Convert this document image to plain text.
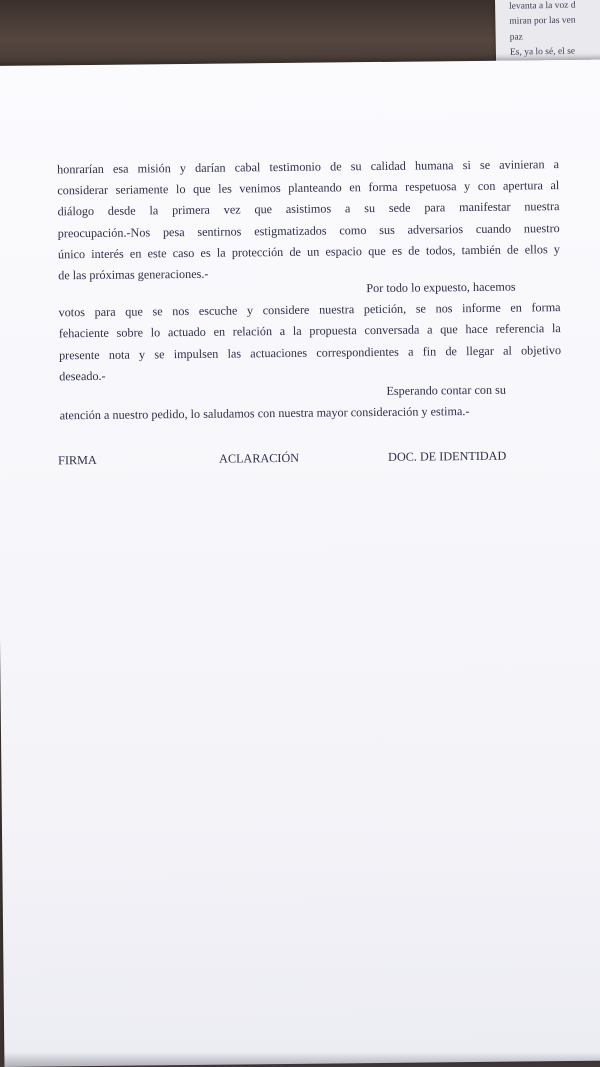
levanta a la voz d
miran por las ven
paz
Es, ya lo sé, el se
honrarían esa misión y darían cabal testimonio de su calidad humana si se avinieran a
considerar seriamente lo que les venimos planteando en forma respetuosa y con apertura al
diálogo desde la primera vez que asistimos a su sede para manifestar nuestra
preocupación.-Nos pesa sentirnos estigmatizados como sus adversarios cuando nuestro
único interés en este caso es la protección de un espacio que es de todos, también de ellos y
de las próximas generaciones.-
Por todo lo expuesto, hacemos
votos para que se nos escuche y considere nuestra petición, se nos informe en forma
fehaciente sobre lo actuado en relación a la propuesta conversada a que hace referencia la
presente nota y se impulsen las actuaciones correspondientes a fin de llegar al objetivo
deseado.-
Esperando contar con su
atención a nuestro pedido, lo saludamos con nuestra mayor consideración y estima.-
FIRMA	ACLARACIÓN	DOC. DE IDENTIDAD
